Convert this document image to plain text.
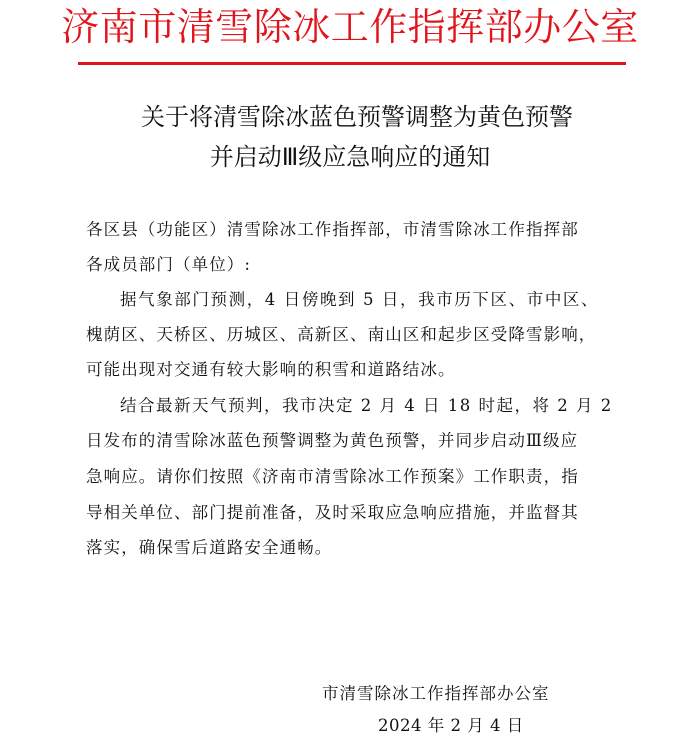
济南市清雪除冰工作指挥部办公室
关于将清雪除冰蓝色预警调整为黄色预警
并启动Ⅲ级应急响应的通知
各区县（功能区）清雪除冰工作指挥部，市清雪除冰工作指挥部
各成员部门（单位）:
据气象部门预测，4 日傍晚到 5 日，我市历下区、市中区、
槐荫区、天桥区、历城区、高新区、南山区和起步区受降雪影响，
可能出现对交通有较大影响的积雪和道路结冰。
结合最新天气预判，我市决定 2 月 4 日 18 时起，将 2 月 2
日发布的清雪除冰蓝色预警调整为黄色预警，并同步启动Ⅲ级应
急响应。请你们按照《济南市清雪除冰工作预案》工作职责，指
导相关单位、部门提前准备，及时采取应急响应措施，并监督其
落实，确保雪后道路安全通畅。
市清雪除冰工作指挥部办公室
2024 年 2 月 4 日
